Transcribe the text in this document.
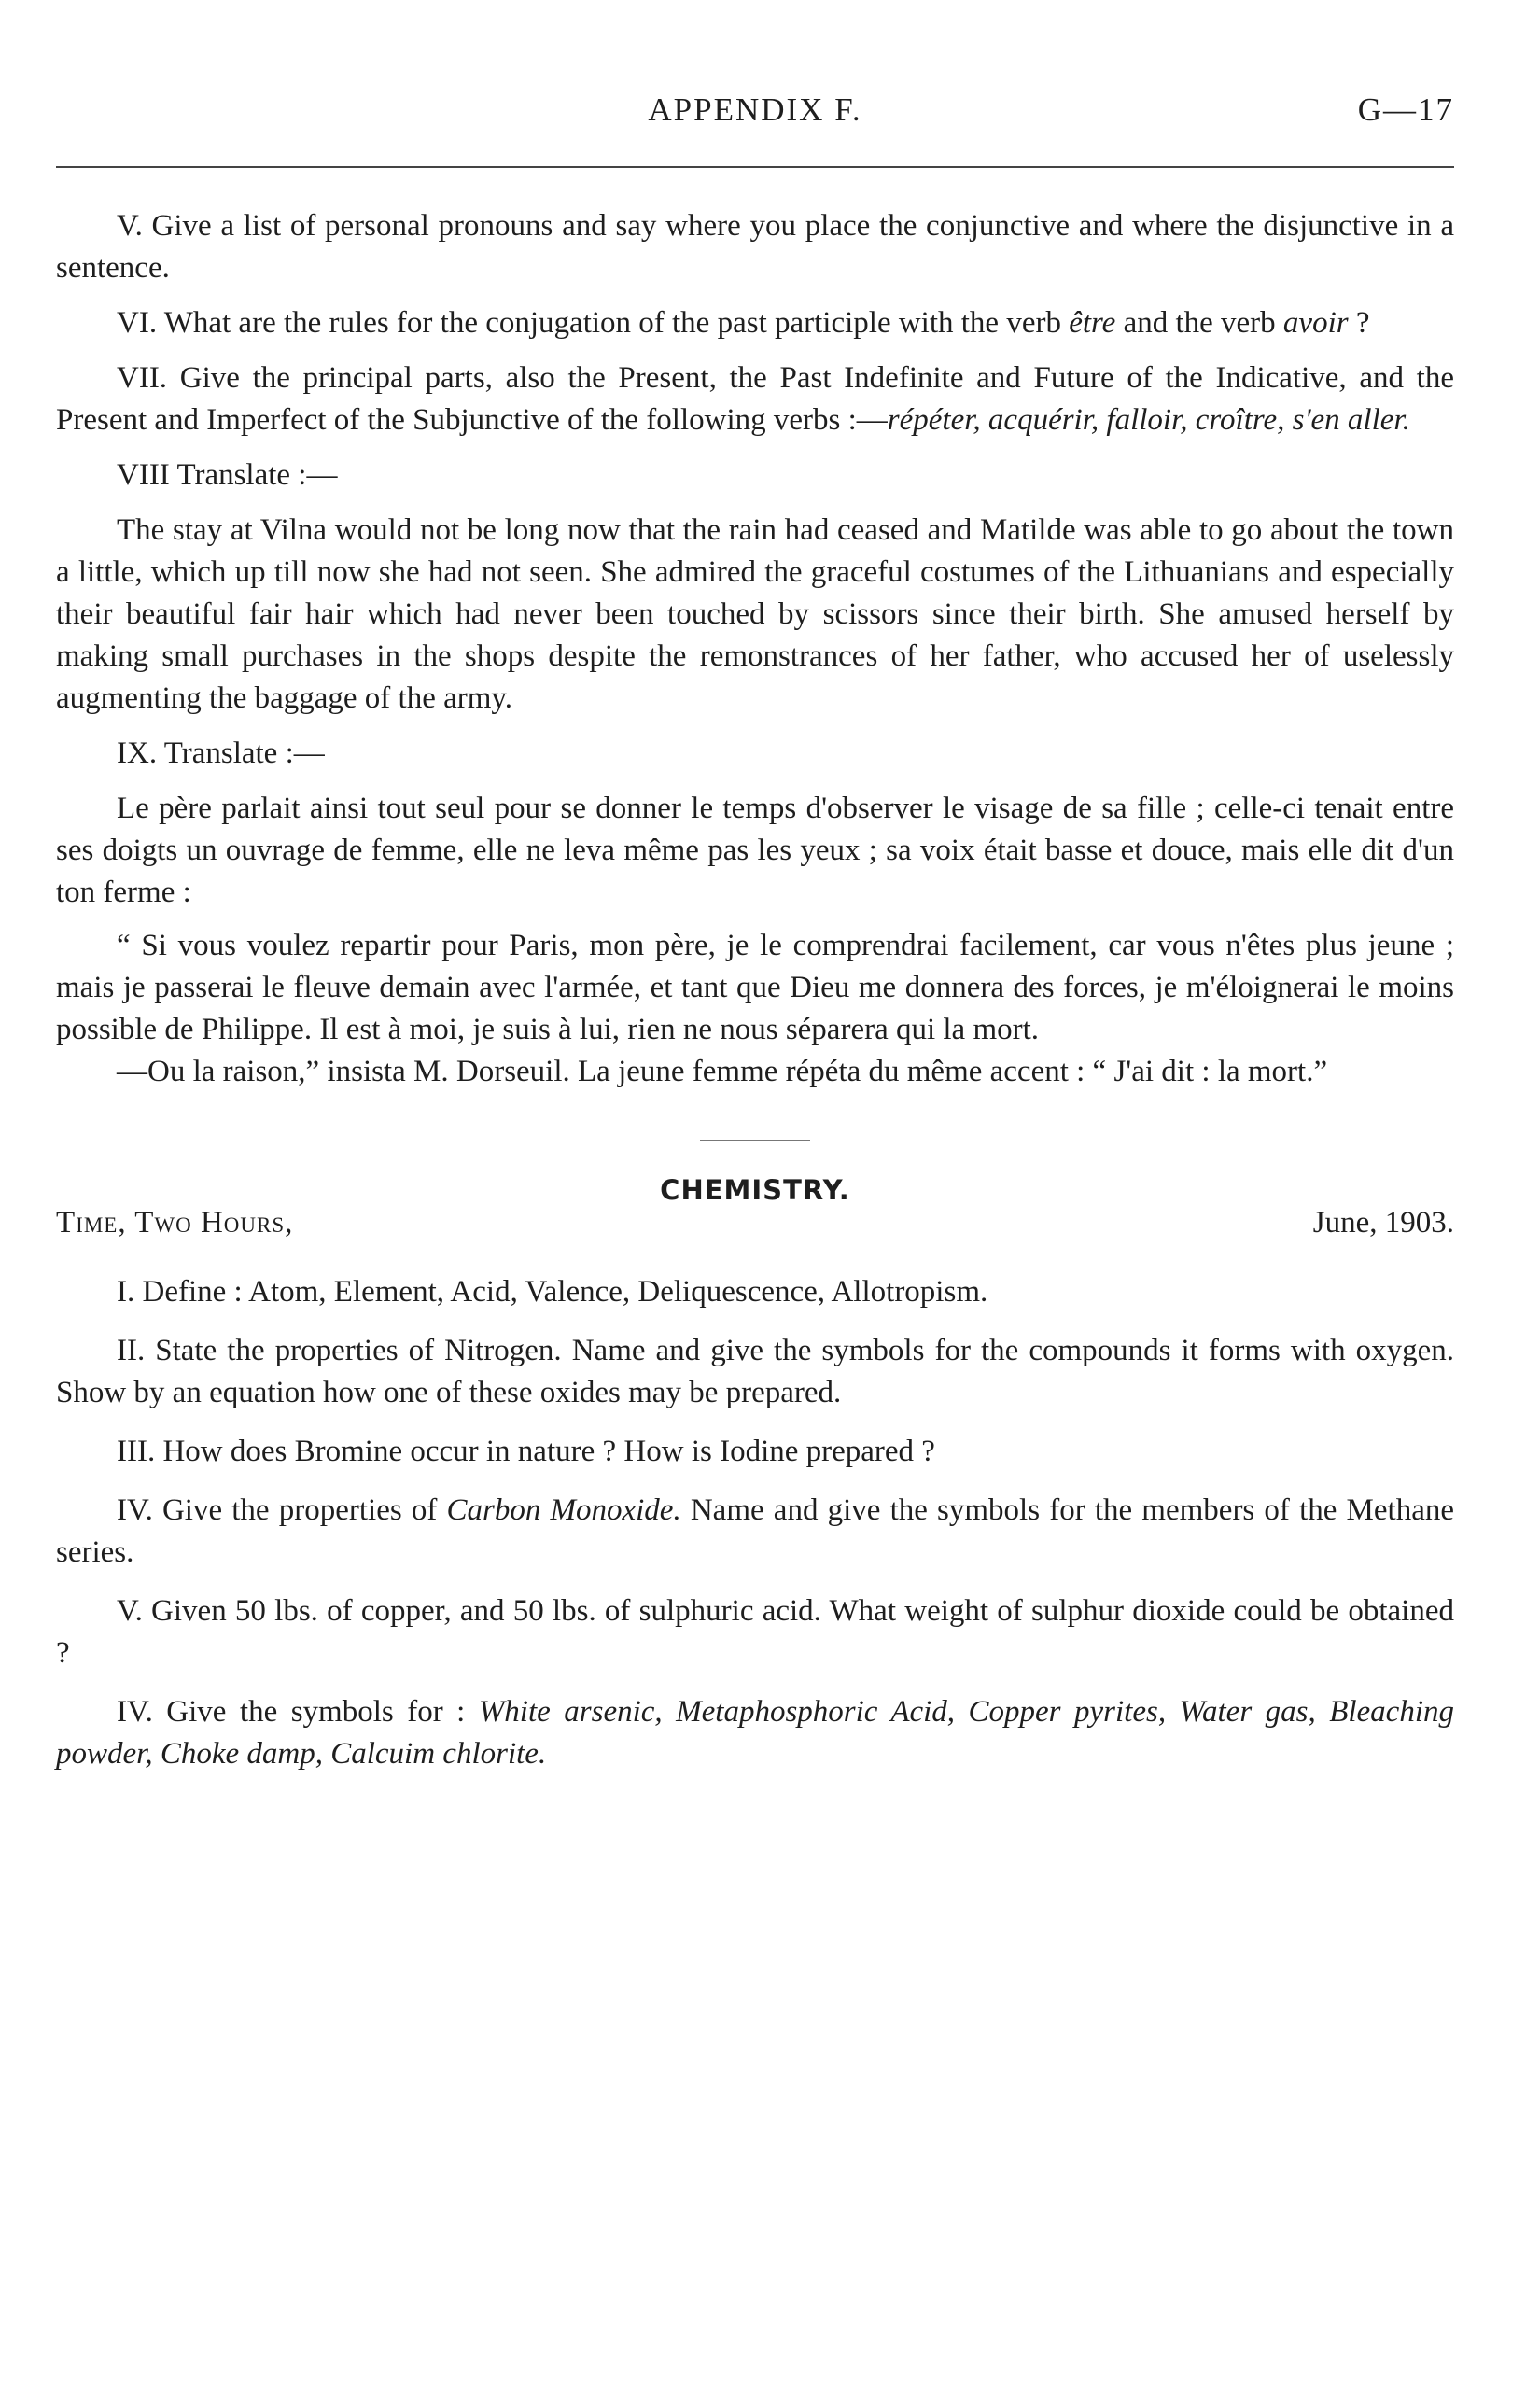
APPENDIX F.	G—17

V. Give a list of personal pronouns and say where you place the conjunctive and where the disjunctive in a sentence.

VI. What are the rules for the conjugation of the past participle with the verb être and the verb avoir ?

VII. Give the principal parts, also the Present, the Past Indefinite and Future of the Indicative, and the Present and Imperfect of the Subjunctive of the following verbs :—répéter, acquérir, falloir, croître, s'en aller.

VIII Translate :—

The stay at Vilna would not be long now that the rain had ceased and Matilde was able to go about the town a little, which up till now she had not seen. She admired the graceful costumes of the Lithuanians and especially their beautiful fair hair which had never been touched by scissors since their birth. She amused herself by making small purchases in the shops despite the remonstrances of her father, who accused her of uselessly augmenting the baggage of the army.

IX. Translate :—

Le père parlait ainsi tout seul pour se donner le temps d'observer le visage de sa fille ; celle-ci tenait entre ses doigts un ouvrage de femme, elle ne leva même pas les yeux ; sa voix était basse et douce, mais elle dit d'un ton ferme :

“ Si vous voulez repartir pour Paris, mon père, je le comprendrai facilement, car vous n'êtes plus jeune ; mais je passerai le fleuve demain avec l'armée, et tant que Dieu me donnera des forces, je m'éloignerai le moins possible de Philippe. Il est à moi, je suis à lui, rien ne nous séparera qui la mort.

—Ou la raison,” insista M. Dorseuil. La jeune femme répéta du même accent : “ J'ai dit : la mort.”

CHEMISTRY.
Time, Two Hours,	June, 1903.

I. Define : Atom, Element, Acid, Valence, Deliquescence, Allotropism.

II. State the properties of Nitrogen. Name and give the symbols for the compounds it forms with oxygen. Show by an equation how one of these oxides may be prepared.

III. How does Bromine occur in nature ? How is Iodine prepared ?

IV. Give the properties of Carbon Monoxide. Name and give the symbols for the members of the Methane series.

V. Given 50 lbs. of copper, and 50 lbs. of sulphuric acid. What weight of sulphur dioxide could be obtained ?

IV. Give the symbols for : White arsenic, Metaphosphoric Acid, Copper pyrites, Water gas, Bleaching powder, Choke damp, Calcuim chlorite.
